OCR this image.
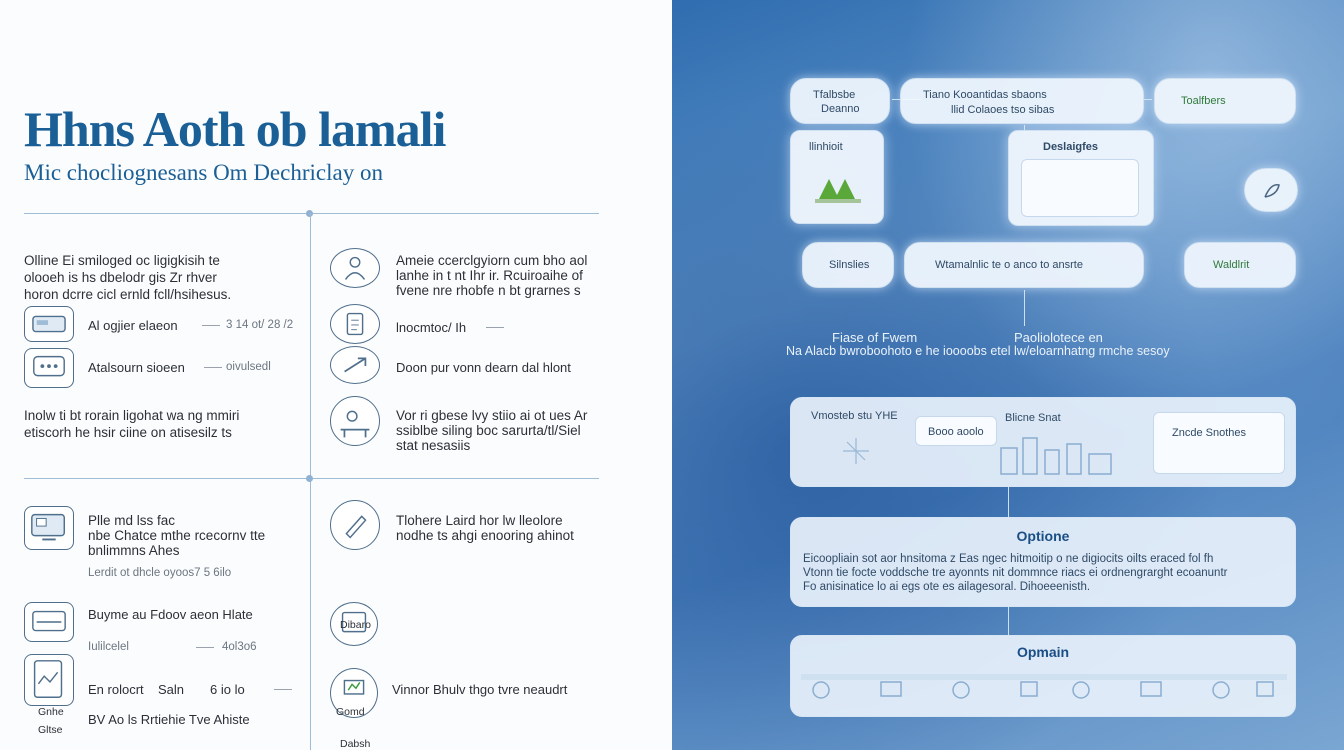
Hhns Aoth ob lamali
Mic chocliognesans Om Dechriclay on
Olline Ei smiloged oc ligigkisih te
olooeh is hs dbelodr gis Zr rhver
horon dcrre cicl ernld fcll/hsihesus.
Al ogjier elaeon	3 14 ot/ 28 /2
Atalsourn sioeen	oivulsedl
Inolw ti bt rorain ligohat wa ng mmiri
etiscorh he hsir ciine on atisesilz ts
Plle md lss fac
nbe Chatce mthe rcecornv tte
bnlimmns Ahes
Lerdit ot dhcle oyoos7 5 6ilo
Buyme au Fdoov aeon Hlate
Iulilcelel	4ol3o6
En rolocrt Saln 6 io lo
BV Ao ls Rrtiehie Tve Ahiste
Gnhe
Gltse
Ameie ccerclgyiorn cum bho aol
lanhe in t nt Ihr ir. Rcuiroaihe of
fvene nre rhobfe n bt grarnes s
lnocmtoc/ Ih
Doon pur vonn dearn dal hlont
Vor ri gbese lvy stiio ai ot ues Ar
ssiblbe siling boc sarurta/tl/Siel
stat nesasiis
Tlohere Laird hor lw lleolore
nodhe ts ahgi enooring ahinot
Dibaro
Vinnor Bhulv thgo tvre neaudrt
Gomd
Dabsh
Tfalbsbe
Deanno
Tiano Kooantidas sbaons
llid Colaoes tso sibas
Toalfbers
llinhioit	Deslaigfes
Silnslies	Wtamalnlic te o anco to ansrte	Waldlrit
Fiase of Fwem	Paoliolotece en
Na Alacb bwroboohoto e he ioooobs etel lw/eloarnhatng rmche sesoy
Vmosteb stu YHE
Booo aoolo
Blicne Snat
Zncde Snothes
Optione
Eicoopliain sot aor hnsitoma z Eas ngec hitmoitip o ne digiocits oilts eraced fol fh
Vtonn tie focte voddsche tre ayonnts nit dommnce riacs ei ordnengrarght ecoanuntr
Fo anisinatice lo ai egs ote es ailagesoral. Dihoeeenisth.
Opmain
